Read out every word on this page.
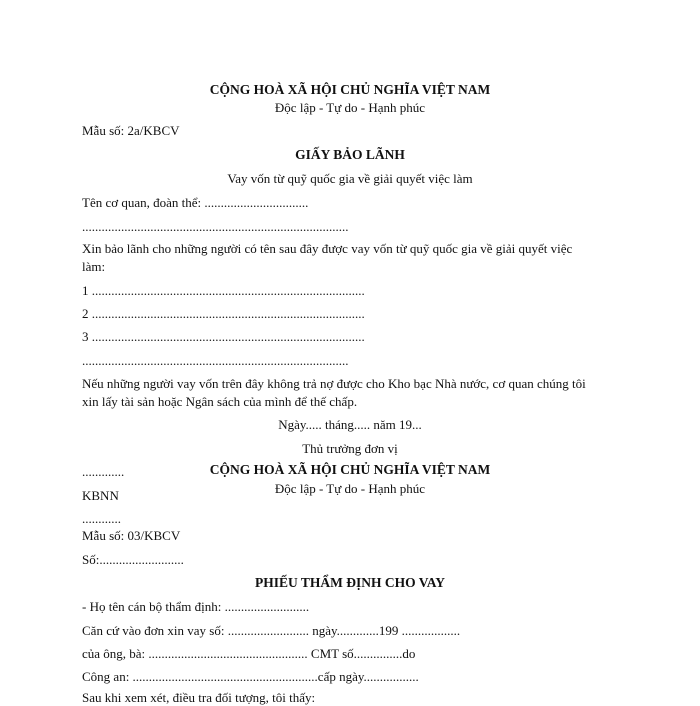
CỘNG HOÀ XÃ HỘI CHỦ NGHĨA VIỆT NAM
Độc lập - Tự do - Hạnh phúc
Mẫu số: 2a/KBCV
GIẤY BẢO LÃNH
Vay vốn từ quỹ quốc gia về giải quyết việc làm
Tên cơ quan, đoàn thể: ................................
..................................................................................
Xin bảo lãnh cho những người có tên sau đây được vay vốn từ quỹ quốc gia về giải quyết việc
làm:
1 ....................................................................................
2 ....................................................................................
3 ....................................................................................
..................................................................................
Nếu những người vay vốn trên đây không trả nợ được cho Kho bạc Nhà nước, cơ quan chúng tôi
xin lấy tài sản hoặc Ngân sách của mình để thế chấp.
Ngày..... tháng..... năm 19...
Thủ trưởng đơn vị
.............	CỘNG HOÀ XÃ HỘI CHỦ NGHĨA VIỆT NAM
Độc lập - Tự do - Hạnh phúc
KBNN
............
Mẫu số: 03/KBCV
Số:..........................
PHIẾU THẨM ĐỊNH CHO VAY
- Họ tên cán bộ thẩm định: ..........................
Căn cứ vào đơn xin vay số: ......................... ngày.............199 ..................
của ông, bà: ................................................. CMT số...............do
Công an: .........................................................cấp ngày.................
Sau khi xem xét, điều tra đối tượng, tôi thấy:
